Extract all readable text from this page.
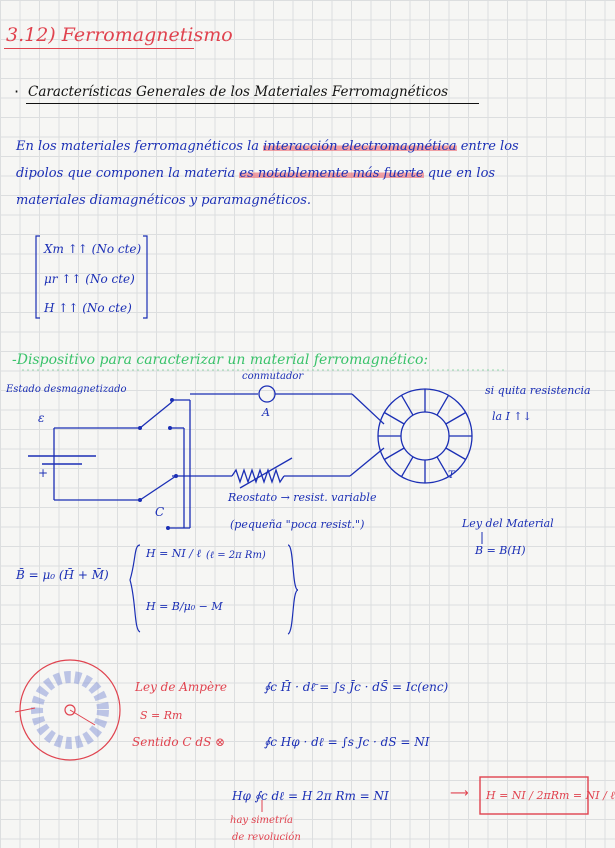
3.12) Ferromagnetismo
· Características Generales de los Materiales Ferromagnéticos
En los materiales ferromagnéticos la interacción electromagnética entre los
dipolos que componen la materia es notablemente más fuerte que en los
materiales diamagnéticos y paramagnéticos.
Xm ↑↑ (No cte)
μr ↑↑ (No cte)
H ↑↑ (No cte)
-Dispositivo para caracterizar un material ferromagnético:
Estado desmagnetizado
conmutador
A
ε
+
C
T
Reostato → resist. variable
(pequeña "poca resist.")
si quita resistencia
la I ↑↓
Ley del Material
B = B(H)
B̄ = μ₀ (H̄ + M̄)
H = NI / ℓ (ℓ = 2π Rm)
H = B/μ₀ − M
Ley de Ampère
S = Rm
Sentido C dS ⊗
∮c H̄ · dℓ̄ = ∫s J̄c · dS̄ = Ic(enc)
∮c Hφ · dℓ = ∫s Jc · dS = NI
Hφ ∮c dℓ = H 2π Rm = NI	⟶ H = NI / 2πRm = NI / ℓ
hay simetría
de revolución
